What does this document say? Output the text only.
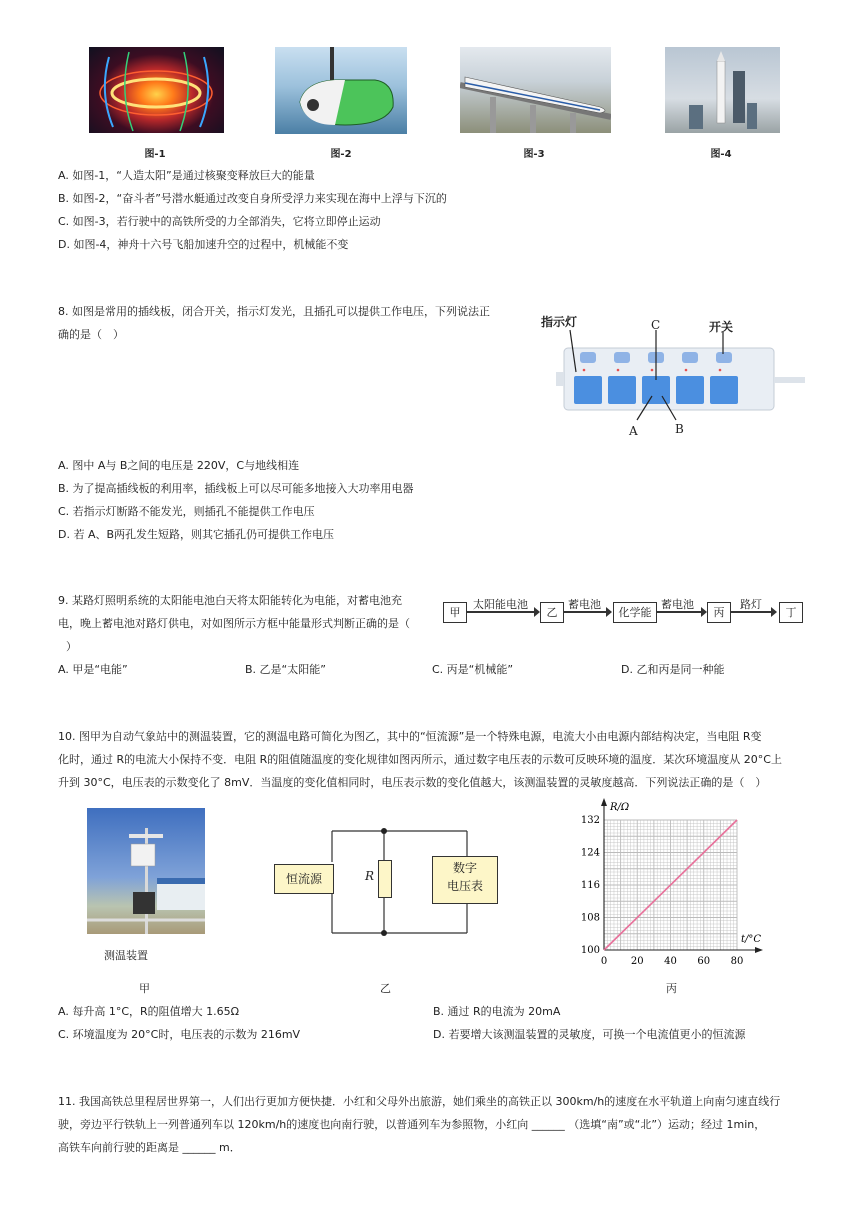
图-1	图-2	图-3	图-4
A. 如图-1，“人造太阳”是通过核聚变释放巨大的能量
B. 如图-2，“奋斗者”号潜水艇通过改变自身所受浮力来实现在海中上浮与下沉的
C. 如图-3，若行驶中的高铁所受的力全部消失，它将立即停止运动
D. 如图-4，神舟十六号飞船加速升空的过程中，机械能不变
8. 如图是常用的插线板，闭合开关，指示灯发光，且插孔可以提供工作电压，下列说法正
确的是（　）
指示灯	开关
C
A	B
A. 图中 A与 B之间的电压是 220V，C与地线相连
B. 为了提高插线板的利用率，插线板上可以尽可能多地接入大功率用电器
C. 若指示灯断路不能发光，则插孔不能提供工作电压
D. 若 A、B两孔发生短路，则其它插孔仍可提供工作电压
9. 某路灯照明系统的太阳能电池白天将太阳能转化为电能，对蓄电池充
电，晚上蓄电池对路灯供电，对如图所示方框中能量形式判断正确的是（
）
甲
太阳能电池
乙
蓄电池
化学能
蓄电池
丙
路灯
丁
A. 甲是“电能”	B. 乙是“太阳能”	C. 丙是“机械能”	D. 乙和丙是同一种能
10. 图甲为自动气象站中的测温装置，它的测温电路可简化为图乙，其中的“恒流源”是一个特殊电源，电流大小由电源内部结构决定，当电阻 R变
化时，通过 R的电流大小保持不变．电阻 R的阻值随温度的变化规律如图丙所示，通过数字电压表的示数可反映环境的温度．某次环境温度从 20°C上
升到 30°C，电压表的示数变化了 8mV．当温度的变化值相同时，电压表示数的变化值越大，该测温装置的灵敏度越高．下列说法正确的是（　）
测温装置
恒流源	R
数字
电压表
0 20 40 60 80
100
108
116
124
132
t/°C
R/Ω
甲	乙	丙
A. 每升高 1°C，R的阻值增大 1.65Ω	B. 通过 R的电流为 20mA
C. 环境温度为 20°C时，电压表的示数为 216mV	D. 若要增大该测温装置的灵敏度，可换一个电流值更小的恒流源
11. 我国高铁总里程居世界第一，人们出行更加方便快捷．小红和父母外出旅游，她们乘坐的高铁正以 300km/h的速度在水平轨道上向南匀速直线行
驶，旁边平行铁轨上一列普通列车以 120km/h的速度也向南行驶，以普通列车为参照物，小红向 ______ （选填“南”或“北”）运动；经过 1min，
高铁车向前行驶的距离是 ______ m．
